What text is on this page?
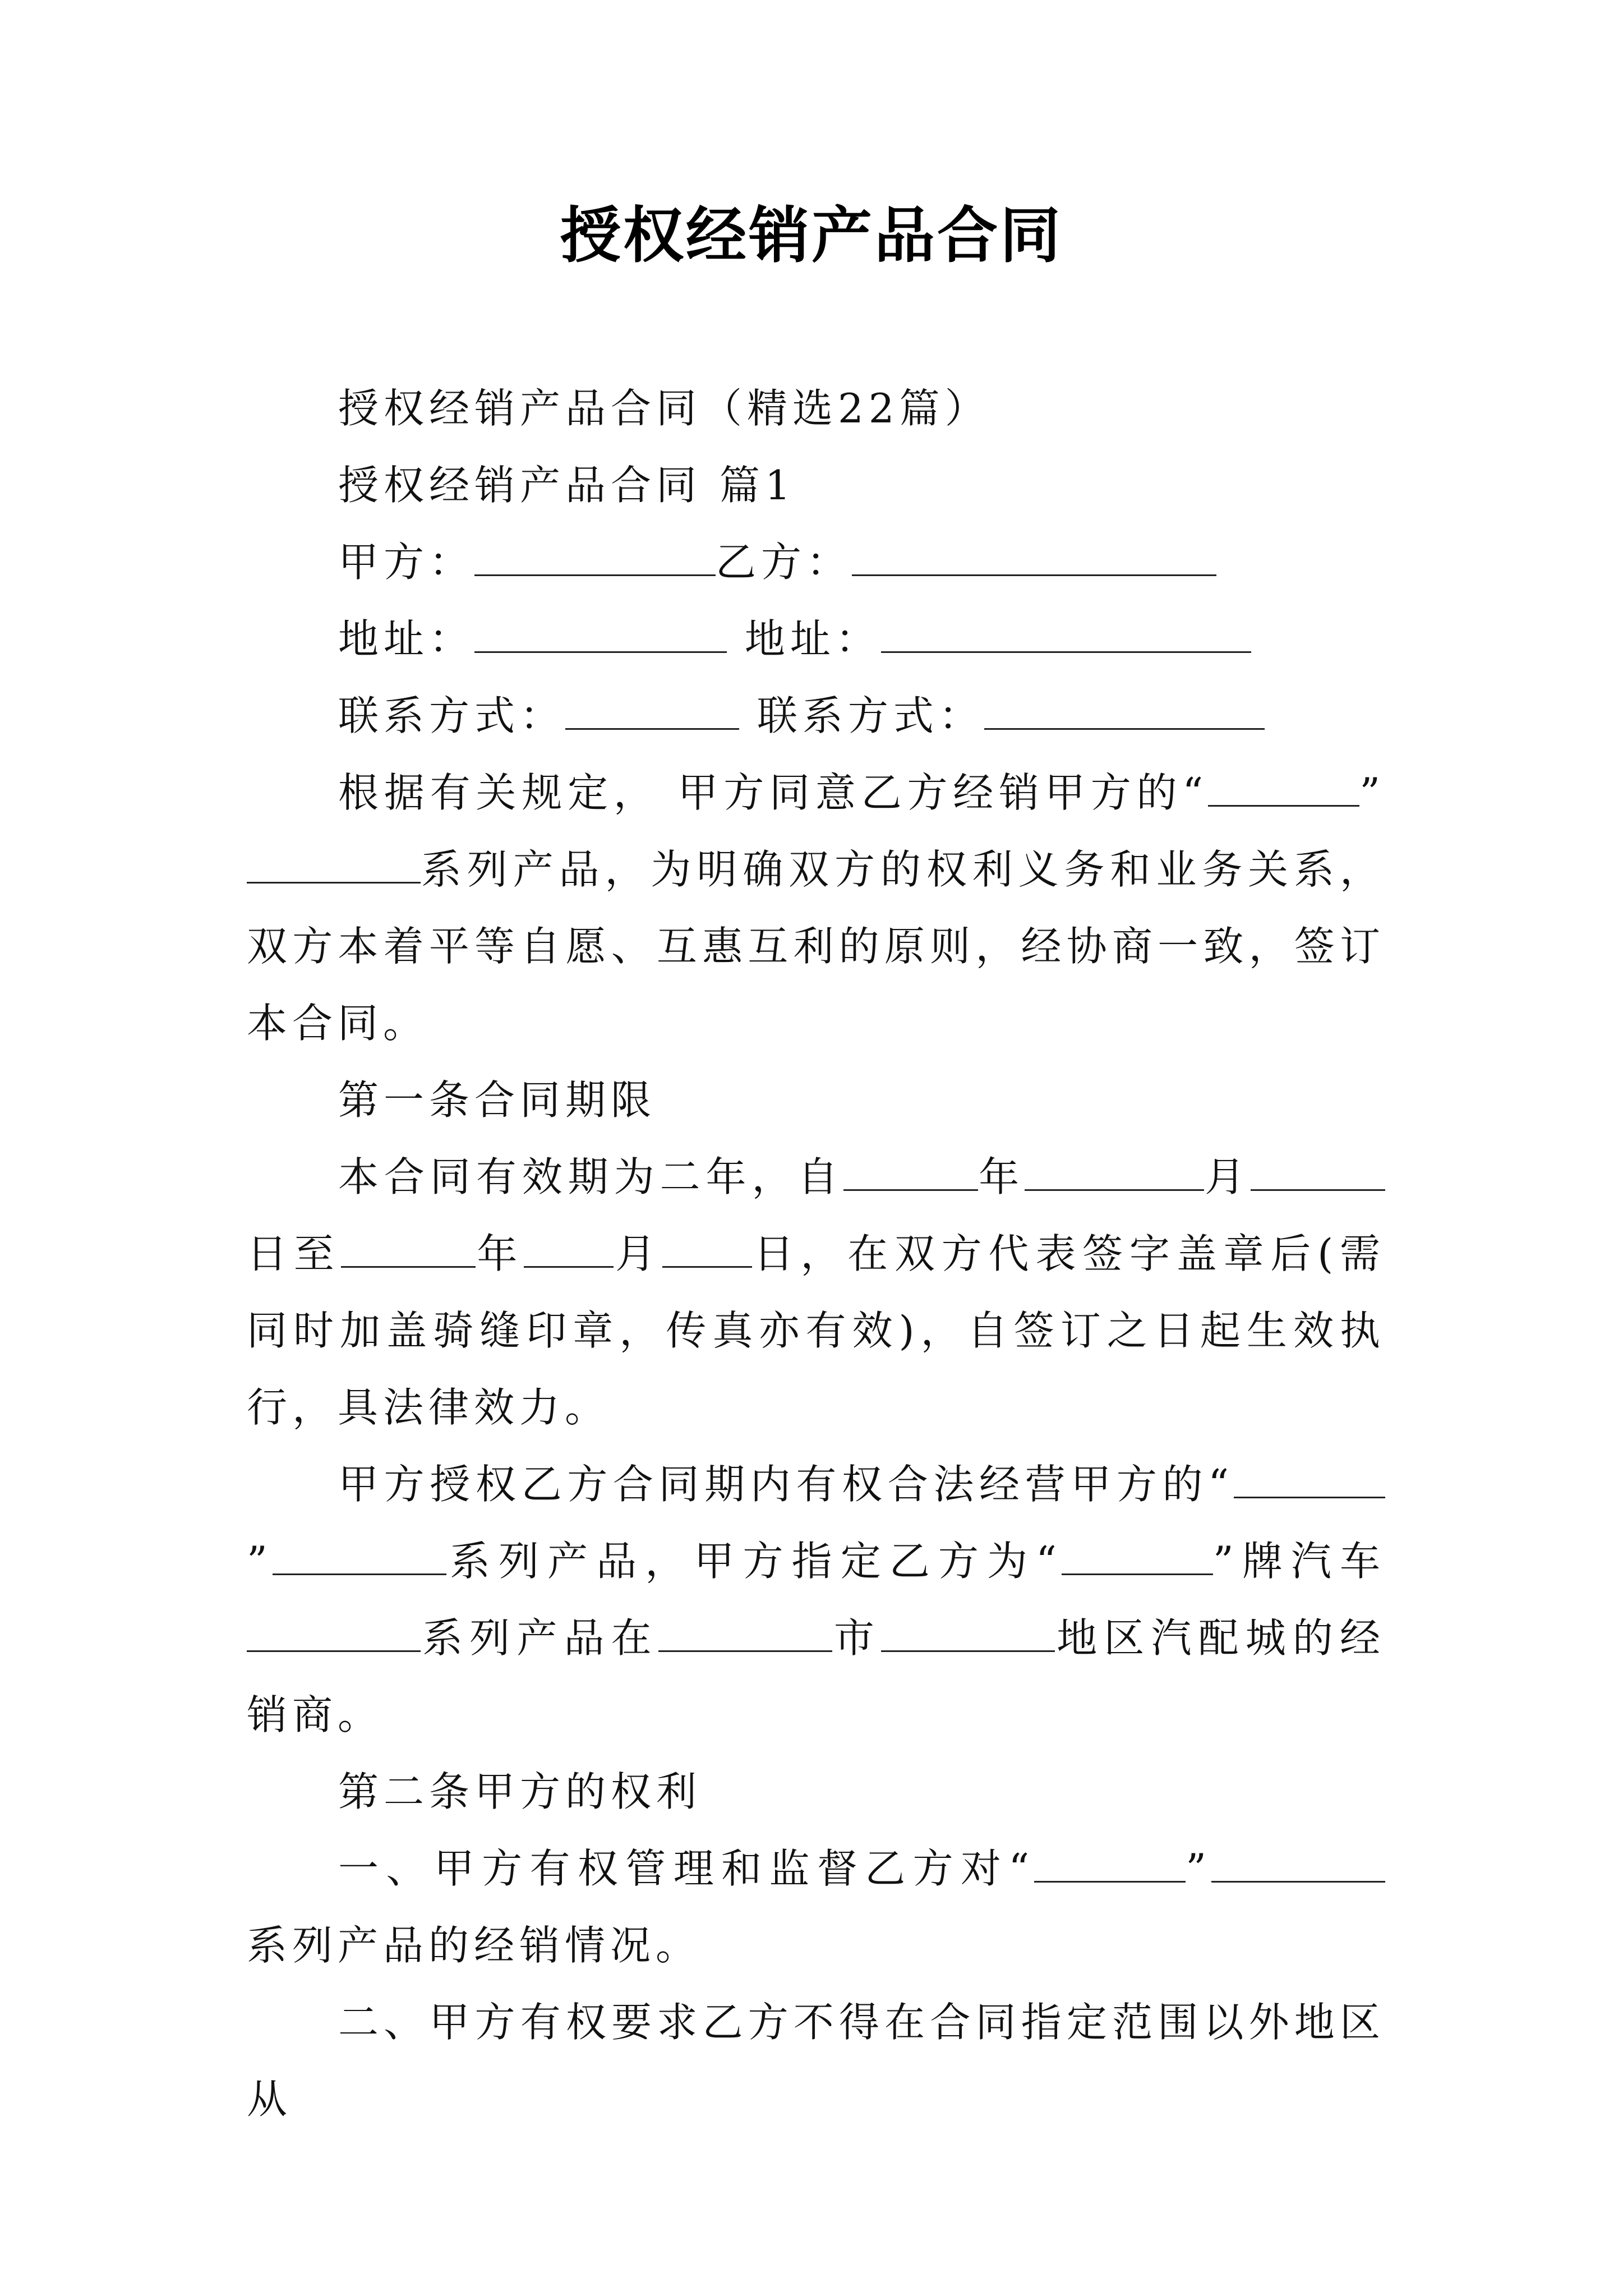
授权经销产品合同

授权经销产品合同（精选22篇）

授权经销产品合同 篇1

甲方：	乙方：

地址：	地址：

联系方式：	联系方式：

根据有关规定， 甲方同意乙方经销甲方的“	”系列产品，为明确双方的权利义务和业务关系，双方本着平等自愿、互惠互利的原则，经协商一致，签订本合同。

第一条合同期限

本合同有效期为二年，自	年	月日至	年 月 日，在双方代表签字盖章后(需同时加盖骑缝印章，传真亦有效)，自签订之日起生效执行，具法律效力。

甲方授权乙方合同期内有权合法经营甲方的“”	系列产品，甲方指定乙方为“	”牌汽车系列产品在	市	地区汽配城的经销商。

第二条甲方的权利

一、甲方有权管理和监督乙方对“	”系列产品的经销情况。

二、甲方有权要求乙方不得在合同指定范围以外地区从
